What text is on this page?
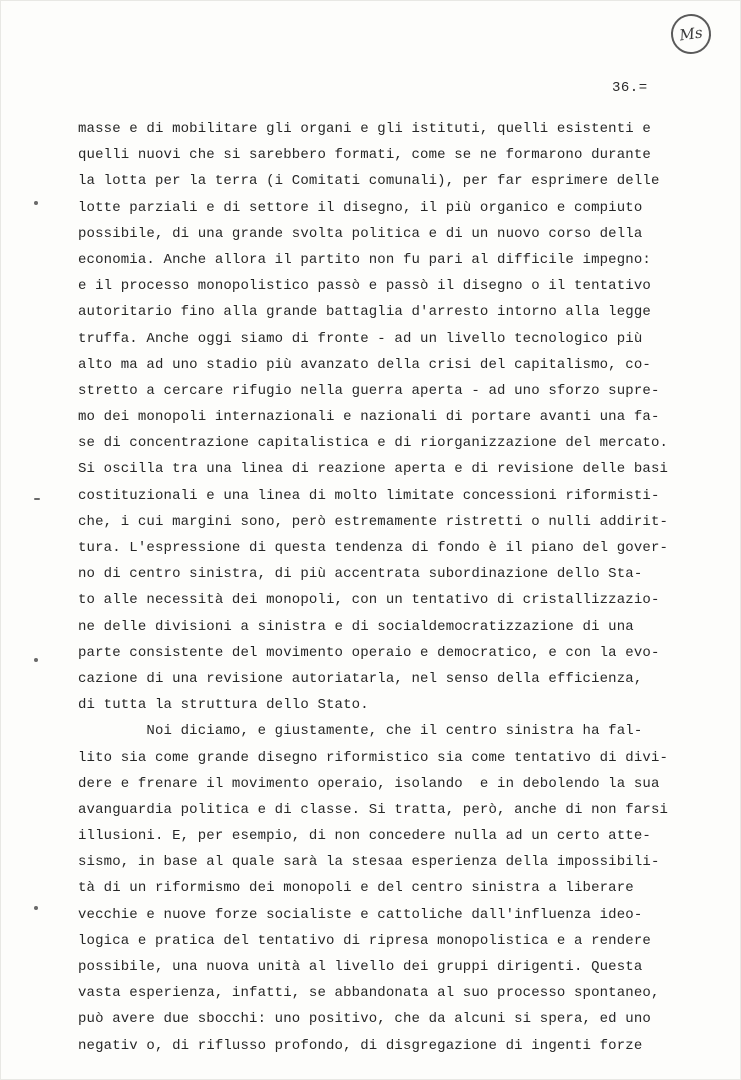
Ms
36.=
masse e di mobilitare gli organi e gli istituti, quelli esistenti e
quelli nuovi che si sarebbero formati, come se ne formarono durante
la lotta per la terra (i Comitati comunali), per far esprimere delle
lotte parziali e di settore il disegno, il più organico e compiuto
possibile, di una grande svolta politica e di un nuovo corso della
economia. Anche allora il partito non fu pari al difficile impegno:
e il processo monopolistico passò e passò il disegno o il tentativo
autoritario fino alla grande battaglia d'arresto intorno alla legge
truffa. Anche oggi siamo di fronte - ad un livello tecnologico più
alto ma ad uno stadio più avanzato della crisi del capitalismo, co-
stretto a cercare rifugio nella guerra aperta - ad uno sforzo supre-
mo dei monopoli internazionali e nazionali di portare avanti una fa-
se di concentrazione capitalistica e di riorganizzazione del mercato.
Si oscilla tra una linea di reazione aperta e di revisione delle basi
costituzionali e una linea di molto limitate concessioni riformisti-
che, i cui margini sono, però estremamente ristretti o nulli addirit-
tura. L'espressione di questa tendenza di fondo è il piano del gover-
no di centro sinistra, di più accentrata subordinazione dello Sta-
to alle necessità dei monopoli, con un tentativo di cristallizzazio-
ne delle divisioni a sinistra e di socialdemocratizzazione di una
parte consistente del movimento operaio e democratico, e con la evo-
cazione di una revisione autoriatarla, nel senso della efficienza,
di tutta la struttura dello Stato.
Noi diciamo, e giustamente, che il centro sinistra ha fal-
lito sia come grande disegno riformistico sia come tentativo di divi-
dere e frenare il movimento operaio, isolando  e in debolendo la sua
avanguardia politica e di classe. Si tratta, però, anche di non farsi
illusioni. E, per esempio, di non concedere nulla ad un certo atte-
sismo, in base al quale sarà la stesaa esperienza della impossibili-
tà di un riformismo dei monopoli e del centro sinistra a liberare
vecchie e nuove forze socialiste e cattoliche dall'influenza ideo-
logica e pratica del tentativo di ripresa monopolistica e a rendere
possibile, una nuova unità al livello dei gruppi dirigenti. Questa
vasta esperienza, infatti, se abbandonata al suo processo spontaneo,
può avere due sbocchi: uno positivo, che da alcuni si spera, ed uno
negativ o, di riflusso profondo, di disgregazione di ingenti forze
